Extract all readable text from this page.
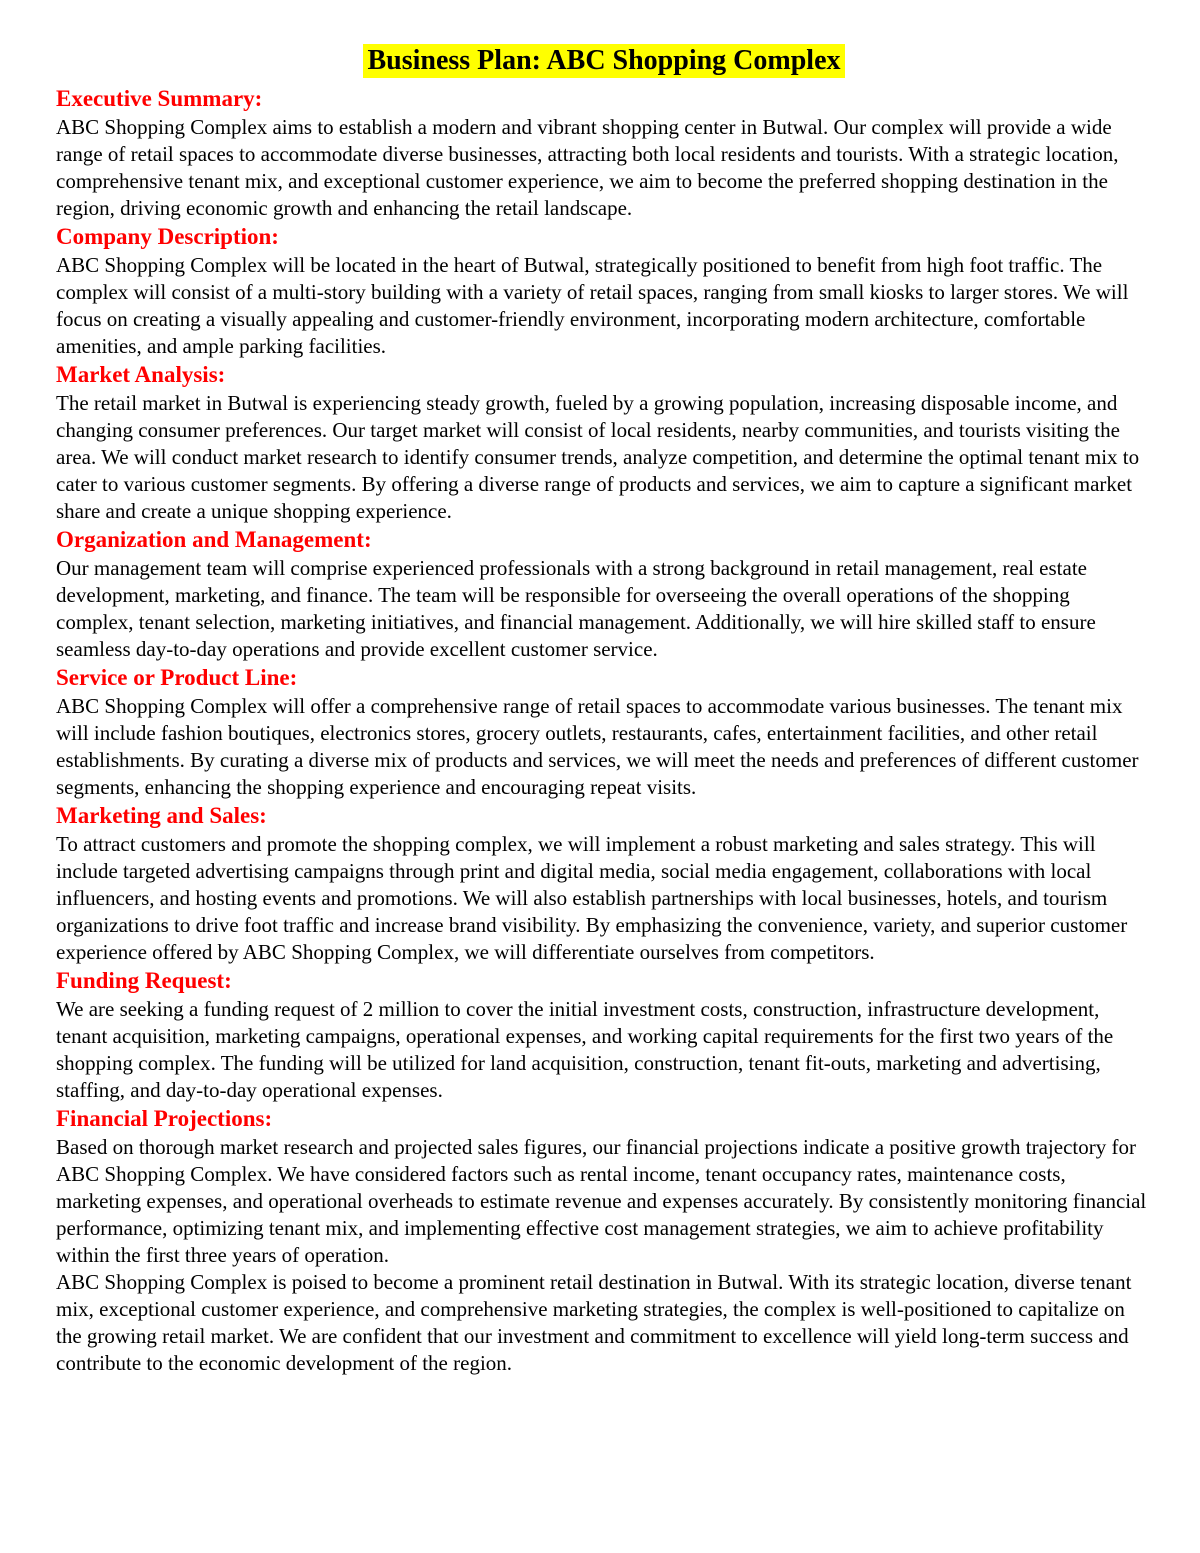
Business Plan: ABC Shopping Complex

Executive Summary:

ABC Shopping Complex aims to establish a modern and vibrant shopping center in Butwal. Our complex will provide a wide range of retail spaces to accommodate diverse businesses, attracting both local residents and tourists. With a strategic location, comprehensive tenant mix, and exceptional customer experience, we aim to become the preferred shopping destination in the region, driving economic growth and enhancing the retail landscape.

Company Description:

ABC Shopping Complex will be located in the heart of Butwal, strategically positioned to benefit from high foot traffic. The complex will consist of a multi-story building with a variety of retail spaces, ranging from small kiosks to larger stores. We will focus on creating a visually appealing and customer-friendly environment, incorporating modern architecture, comfortable amenities, and ample parking facilities.

Market Analysis:

The retail market in Butwal is experiencing steady growth, fueled by a growing population, increasing disposable income, and changing consumer preferences. Our target market will consist of local residents, nearby communities, and tourists visiting the area. We will conduct market research to identify consumer trends, analyze competition, and determine the optimal tenant mix to cater to various customer segments. By offering a diverse range of products and services, we aim to capture a significant market share and create a unique shopping experience.

Organization and Management:

Our management team will comprise experienced professionals with a strong background in retail management, real estate development, marketing, and finance. The team will be responsible for overseeing the overall operations of the shopping complex, tenant selection, marketing initiatives, and financial management. Additionally, we will hire skilled staff to ensure seamless day-to-day operations and provide excellent customer service.

Service or Product Line:

ABC Shopping Complex will offer a comprehensive range of retail spaces to accommodate various businesses. The tenant mix will include fashion boutiques, electronics stores, grocery outlets, restaurants, cafes, entertainment facilities, and other retail establishments. By curating a diverse mix of products and services, we will meet the needs and preferences of different customer segments, enhancing the shopping experience and encouraging repeat visits.

Marketing and Sales:

To attract customers and promote the shopping complex, we will implement a robust marketing and sales strategy. This will include targeted advertising campaigns through print and digital media, social media engagement, collaborations with local influencers, and hosting events and promotions. We will also establish partnerships with local businesses, hotels, and tourism organizations to drive foot traffic and increase brand visibility. By emphasizing the convenience, variety, and superior customer experience offered by ABC Shopping Complex, we will differentiate ourselves from competitors.

Funding Request:

We are seeking a funding request of 2 million to cover the initial investment costs, construction, infrastructure development, tenant acquisition, marketing campaigns, operational expenses, and working capital requirements for the first two years of the shopping complex. The funding will be utilized for land acquisition, construction, tenant fit-outs, marketing and advertising, staffing, and day-to-day operational expenses.

Financial Projections:

Based on thorough market research and projected sales figures, our financial projections indicate a positive growth trajectory for ABC Shopping Complex. We have considered factors such as rental income, tenant occupancy rates, maintenance costs, marketing expenses, and operational overheads to estimate revenue and expenses accurately. By consistently monitoring financial performance, optimizing tenant mix, and implementing effective cost management strategies, we aim to achieve profitability within the first three years of operation.

ABC Shopping Complex is poised to become a prominent retail destination in Butwal. With its strategic location, diverse tenant mix, exceptional customer experience, and comprehensive marketing strategies, the complex is well-positioned to capitalize on the growing retail market. We are confident that our investment and commitment to excellence will yield long-term success and contribute to the economic development of the region.
